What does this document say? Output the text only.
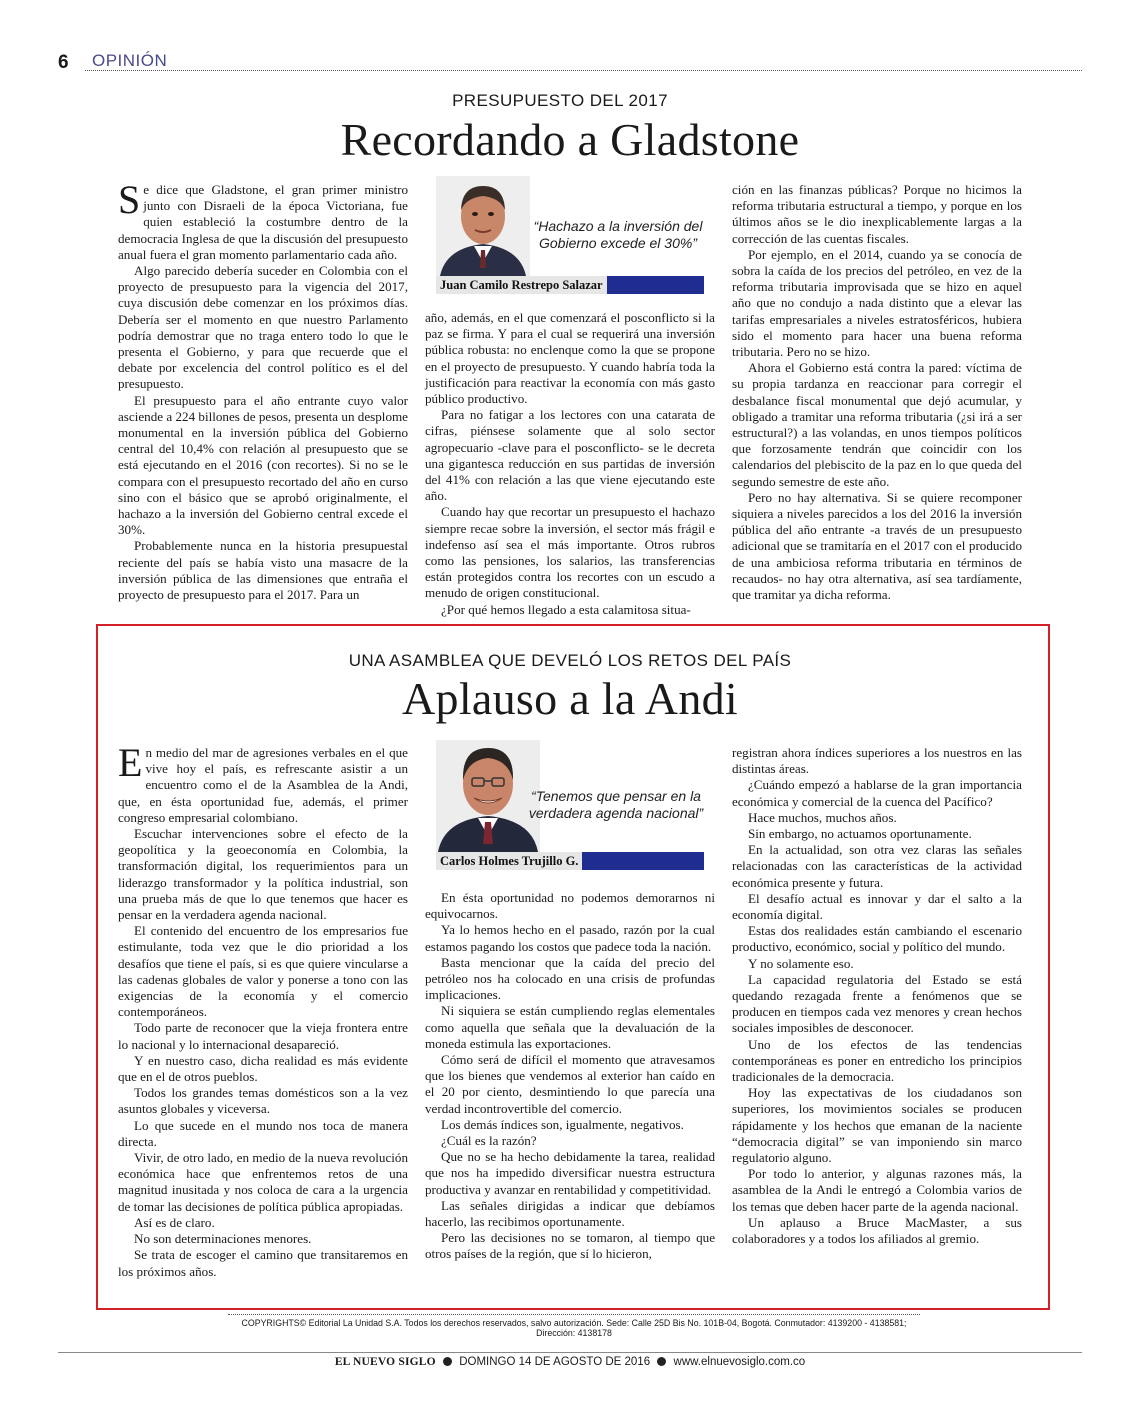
6 OPINIÓN
PRESUPUESTO DEL 2017
Recordando a Gladstone

Se dice que Gladstone, el gran primer ministro junto con Disraeli de la época Victoriana, fue quien estableció la costumbre dentro de la democracia Inglesa de que la discusión del presupuesto anual fuera el gran momento parlamentario cada año.

Algo parecido debería suceder en Colombia con el proyecto de presupuesto para la vigencia del 2017, cuya discusión debe comenzar en los próximos días. Debería ser el momento en que nuestro Parlamento podría demostrar que no traga entero todo lo que le presenta el Gobierno, y para que recuerde que el debate por excelencia del control político es el del presupuesto.

El presupuesto para el año entrante cuyo valor asciende a 224 billones de pesos, presenta un desplome monumental en la inversión pública del Gobierno central del 10,4% con relación al presupuesto que se está ejecutando en el 2016 (con recortes). Si no se le compara con el presupuesto recortado del año en curso sino con el básico que se aprobó originalmente, el hachazo a la inversión del Gobierno central excede el 30%.

Probablemente nunca en la historia presupuestal reciente del país se había visto una masacre de la inversión pública de las dimensiones que entraña el proyecto de presupuesto para el 2017. Para un

“Hachazo a la inversión del Gobierno excede el 30%”
Juan Camilo Restrepo Salazar

año, además, en el que comenzará el posconflicto si la paz se firma. Y para el cual se requerirá una inversión pública robusta: no enclenque como la que se propone en el proyecto de presupuesto. Y cuando habría toda la justificación para reactivar la economía con más gasto público productivo.

Para no fatigar a los lectores con una catarata de cifras, piénsese solamente que al solo sector agropecuario -clave para el posconflicto- se le decreta una gigantesca reducción en sus partidas de inversión del 41% con relación a las que viene ejecutando este año.

Cuando hay que recortar un presupuesto el hachazo siempre recae sobre la inversión, el sector más frágil e indefenso así sea el más importante. Otros rubros como las pensiones, los salarios, las transferencias están protegidos contra los recortes con un escudo a menudo de origen constitucional.

¿Por qué hemos llegado a esta calamitosa situa-

ción en las finanzas públicas? Porque no hicimos la reforma tributaria estructural a tiempo, y porque en los últimos años se le dio inexplicablemente largas a la corrección de las cuentas fiscales.

Por ejemplo, en el 2014, cuando ya se conocía de sobra la caída de los precios del petróleo, en vez de la reforma tributaria improvisada que se hizo en aquel año que no condujo a nada distinto que a elevar las tarifas empresariales a niveles estratosféricos, hubiera sido el momento para hacer una buena reforma tributaria. Pero no se hizo.

Ahora el Gobierno está contra la pared: víctima de su propia tardanza en reaccionar para corregir el desbalance fiscal monumental que dejó acumular, y obligado a tramitar una reforma tributaria (¿si irá a ser estructural?) a las volandas, en unos tiempos políticos que forzosamente tendrán que coincidir con los calendarios del plebiscito de la paz en lo que queda del segundo semestre de este año.

Pero no hay alternativa. Si se quiere recomponer siquiera a niveles parecidos a los del 2016 la inversión pública del año entrante -a través de un presupuesto adicional que se tramitaría en el 2017 con el producido de una ambiciosa reforma tributaria en términos de recaudos- no hay otra alternativa, así sea tardíamente, que tramitar ya dicha reforma.

UNA ASAMBLEA QUE DEVELÓ LOS RETOS DEL PAÍS
Aplauso a la Andi

En medio del mar de agresiones verbales en el que vive hoy el país, es refrescante asistir a un encuentro como el de la Asamblea de la Andi, que, en ésta oportunidad fue, además, el primer congreso empresarial colombiano.

Escuchar intervenciones sobre el efecto de la geopolítica y la geoeconomía en Colombia, la transformación digital, los requerimientos para un liderazgo transformador y la política industrial, son una prueba más de que lo que tenemos que hacer es pensar en la verdadera agenda nacional.

El contenido del encuentro de los empresarios fue estimulante, toda vez que le dio prioridad a los desafíos que tiene el país, si es que quiere vincularse a las cadenas globales de valor y ponerse a tono con las exigencias de la economía y el comercio contemporáneos.

Todo parte de reconocer que la vieja frontera entre lo nacional y lo internacional desapareció.

Y en nuestro caso, dicha realidad es más evidente que en el de otros pueblos.

Todos los grandes temas domésticos son a la vez asuntos globales y viceversa.

Lo que sucede en el mundo nos toca de manera directa.

Vivir, de otro lado, en medio de la nueva revolución económica hace que enfrentemos retos de una magnitud inusitada y nos coloca de cara a la urgencia de tomar las decisiones de política pública apropiadas.

Así es de claro.

No son determinaciones menores.

Se trata de escoger el camino que transitaremos en los próximos años.

“Tenemos que pensar en la verdadera agenda nacional”
Carlos Holmes Trujillo G.

En ésta oportunidad no podemos demorarnos ni equivocarnos.

Ya lo hemos hecho en el pasado, razón por la cual estamos pagando los costos que padece toda la nación.

Basta mencionar que la caída del precio del petróleo nos ha colocado en una crisis de profundas implicaciones.

Ni siquiera se están cumpliendo reglas elementales como aquella que señala que la devaluación de la moneda estimula las exportaciones.

Cómo será de difícil el momento que atravesamos que los bienes que vendemos al exterior han caído en el 20 por ciento, desmintiendo lo que parecía una verdad incontrovertible del comercio.

Los demás índices son, igualmente, negativos.

¿Cuál es la razón?

Que no se ha hecho debidamente la tarea, realidad que nos ha impedido diversificar nuestra estructura productiva y avanzar en rentabilidad y competitividad.

Las señales dirigidas a indicar que debíamos hacerlo, las recibimos oportunamente.

Pero las decisiones no se tomaron, al tiempo que otros países de la región, que sí lo hicieron,

registran ahora índices superiores a los nuestros en las distintas áreas.

¿Cuándo empezó a hablarse de la gran importancia económica y comercial de la cuenca del Pacífico?

Hace muchos, muchos años.

Sin embargo, no actuamos oportunamente.

En la actualidad, son otra vez claras las señales relacionadas con las características de la actividad económica presente y futura.

El desafío actual es innovar y dar el salto a la economía digital.

Estas dos realidades están cambiando el escenario productivo, económico, social y político del mundo.

Y no solamente eso.

La capacidad regulatoria del Estado se está quedando rezagada frente a fenómenos que se producen en tiempos cada vez menores y crean hechos sociales imposibles de desconocer.

Uno de los efectos de las tendencias contemporáneas es poner en entredicho los principios tradicionales de la democracia.

Hoy las expectativas de los ciudadanos son superiores, los movimientos sociales se producen rápidamente y los hechos que emanan de la naciente “democracia digital” se van imponiendo sin marco regulatorio alguno.

Por todo lo anterior, y algunas razones más, la asamblea de la Andi le entregó a Colombia varios de los temas que deben hacer parte de la agenda nacional.

Un aplauso a Bruce MacMaster, a sus colaboradores y a todos los afiliados al gremio.

COPYRIGHTS© Editorial La Unidad S.A. Todos los derechos reservados, salvo autorización. Sede: Calle 25D Bis No. 101B-04, Bogotá. Conmutador: 4139200 - 4138581; Dirección: 4138178
EL NUEVO SIGLO DOMINGO 14 DE AGOSTO DE 2016 www.elnuevosiglo.com.co
